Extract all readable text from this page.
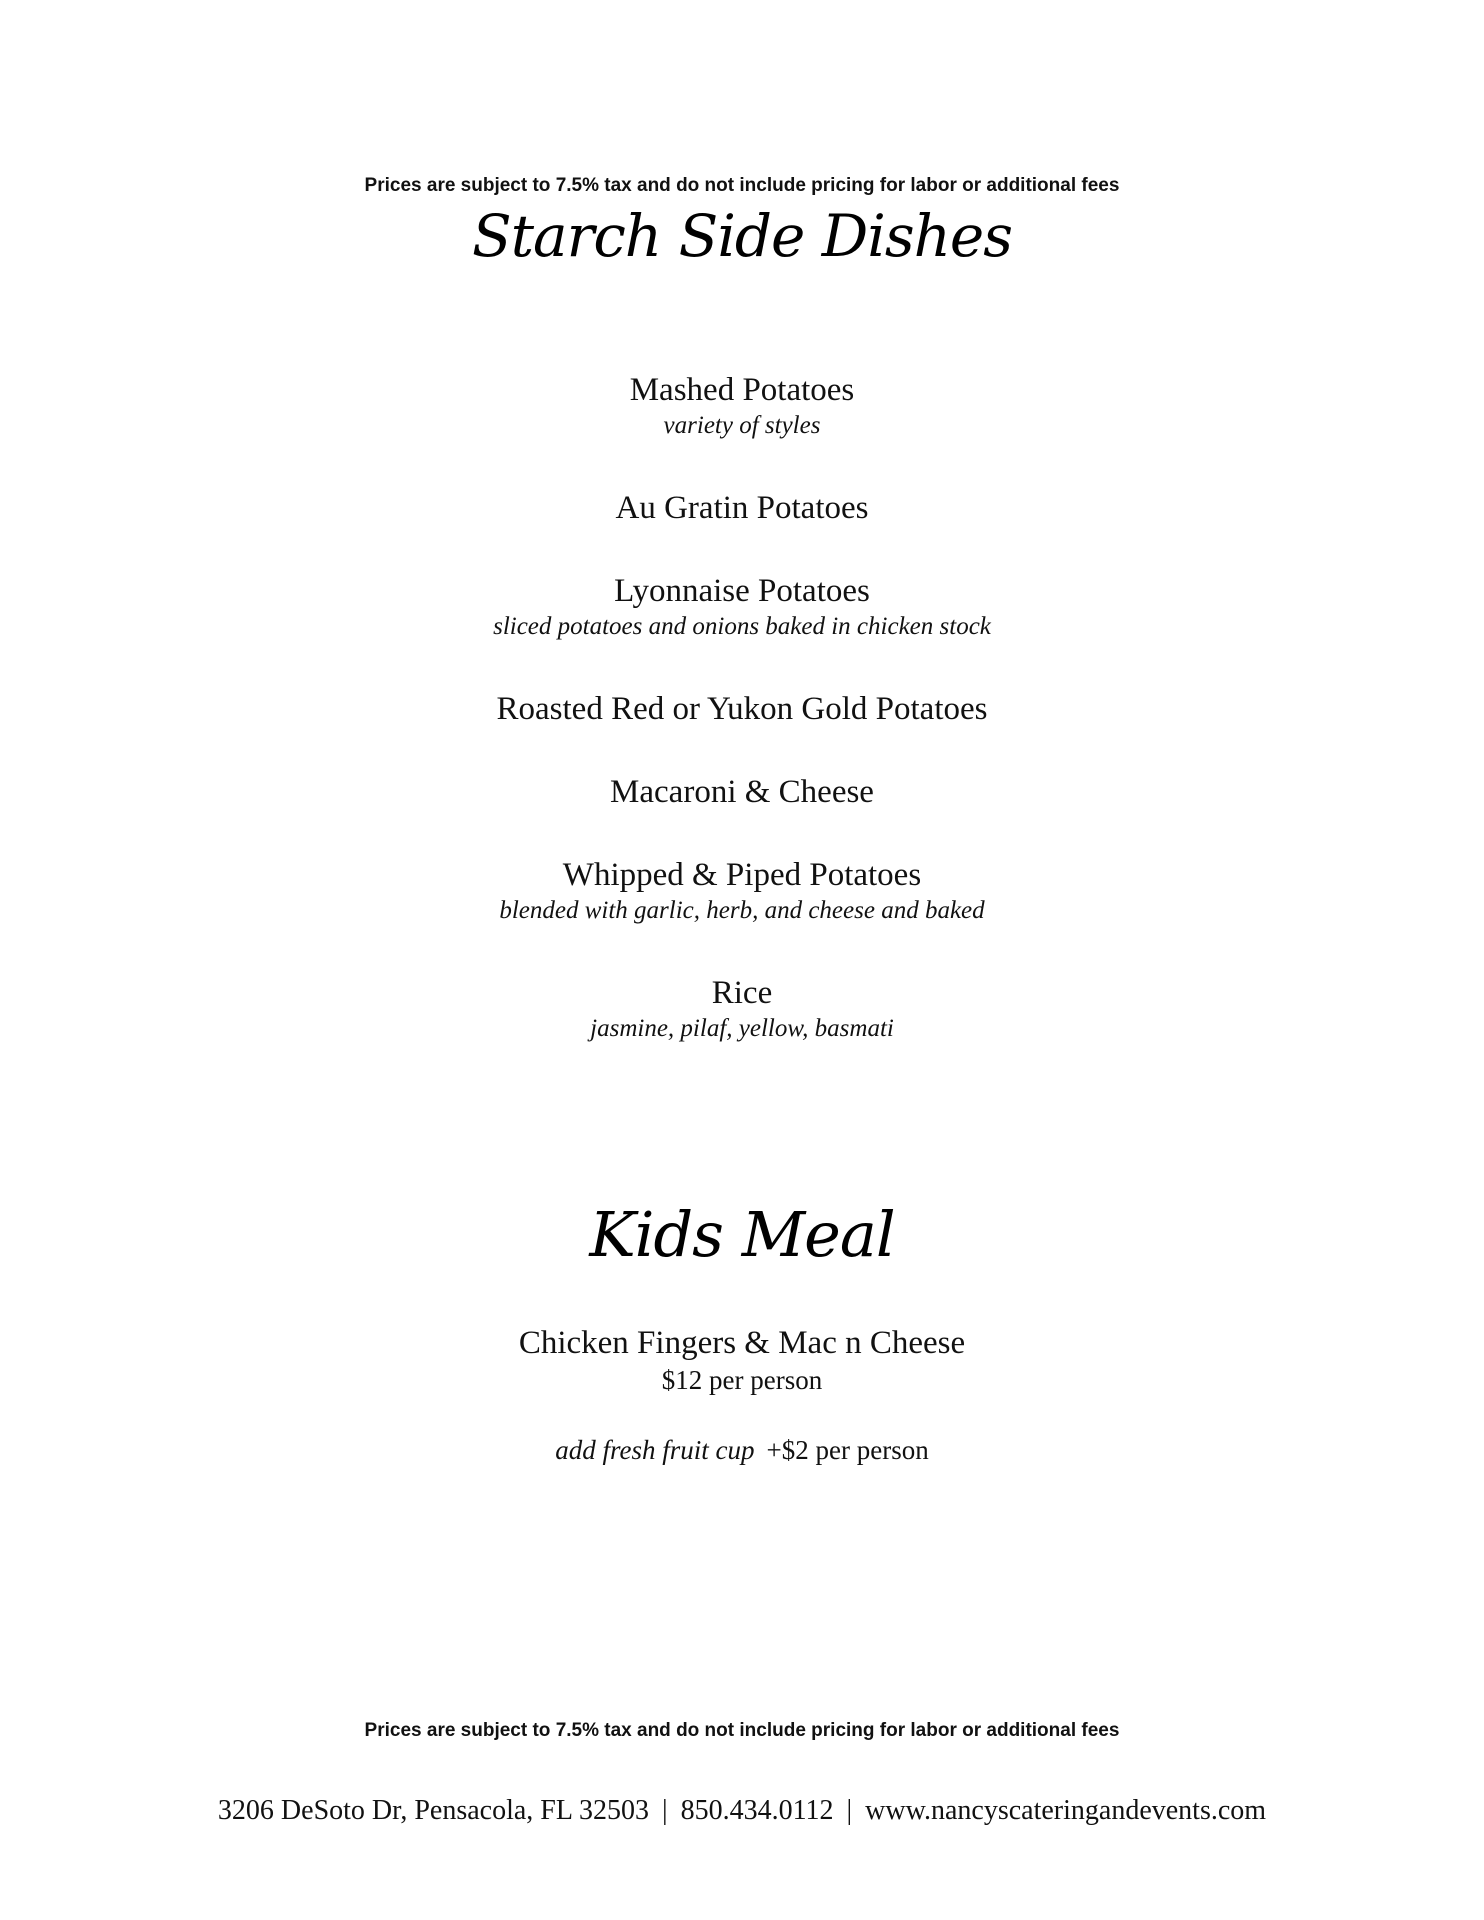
Prices are subject to 7.5% tax and do not include pricing for labor or additional fees
Starch Side Dishes
Mashed Potatoes
variety of styles
Au Gratin Potatoes
Lyonnaise Potatoes
sliced potatoes and onions baked in chicken stock
Roasted Red or Yukon Gold Potatoes
Macaroni & Cheese
Whipped & Piped Potatoes
blended with garlic, herb, and cheese and baked
Rice
jasmine, pilaf, yellow, basmati
Kids Meal
Chicken Fingers & Mac n Cheese
$12 per person
add fresh fruit cup +$2 per person
Prices are subject to 7.5% tax and do not include pricing for labor or additional fees
3206 DeSoto Dr, Pensacola, FL 32503 | 850.434.0112 | www.nancyscateringandevents.com
